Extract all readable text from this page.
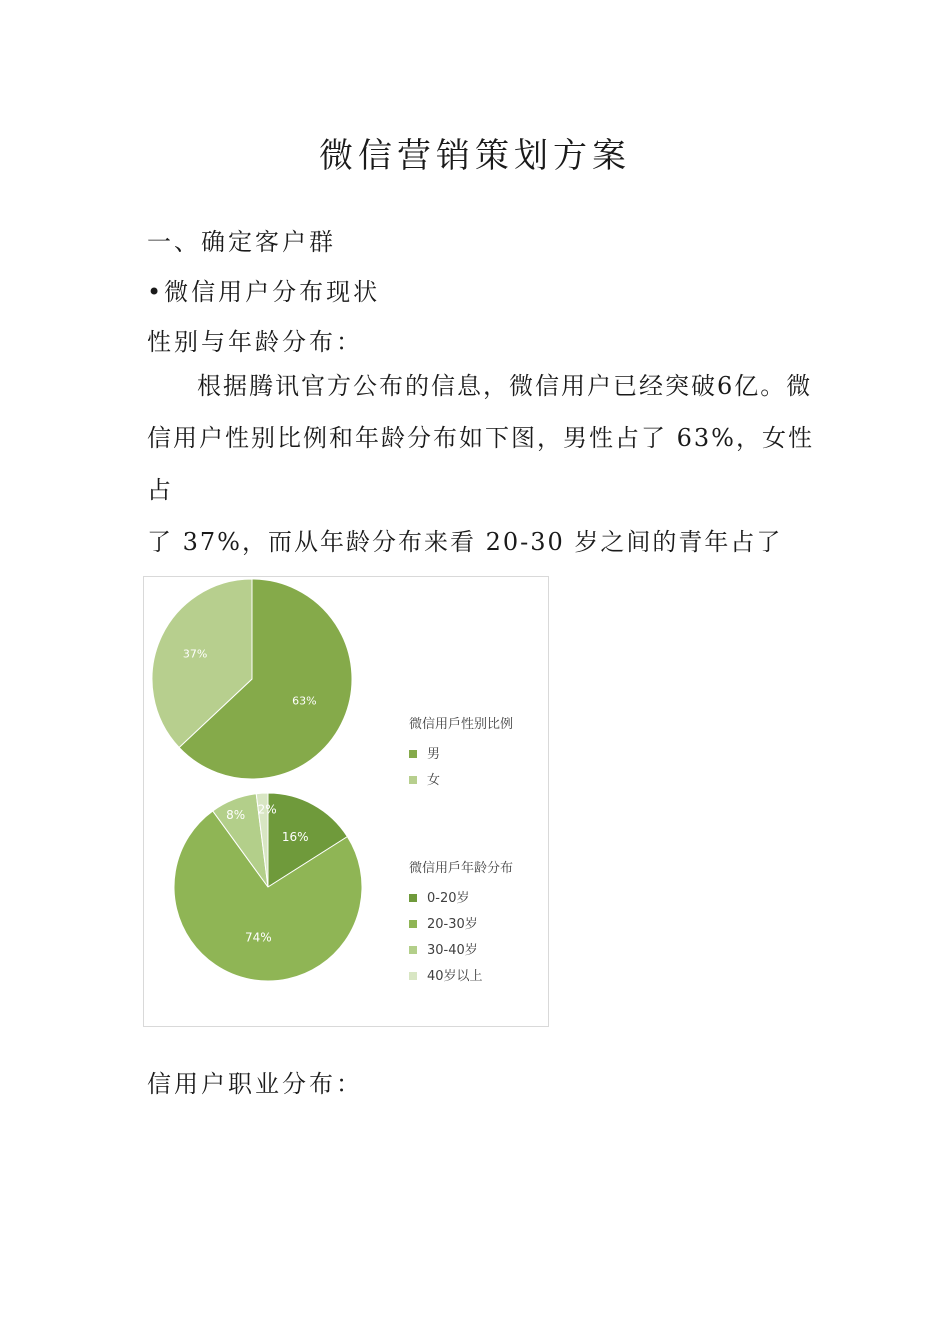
微信营销策划方案
一、确定客户群
•微信用户分布现状
性别与年龄分布：

根据腾讯官方公布的信息，微信用户已经突破6亿。微

信用户性别比例和年龄分布如下图，男性占了 63%，女性占

了 37%，而从年龄分布来看 20-30 岁之间的青年占了

63%
37%
16%
74%
8% 2%
微信用戶性别比例
男
女
微信用戶年龄分布
0-20岁
20-30岁
30-40岁
40岁以上
信用户职业分布：
